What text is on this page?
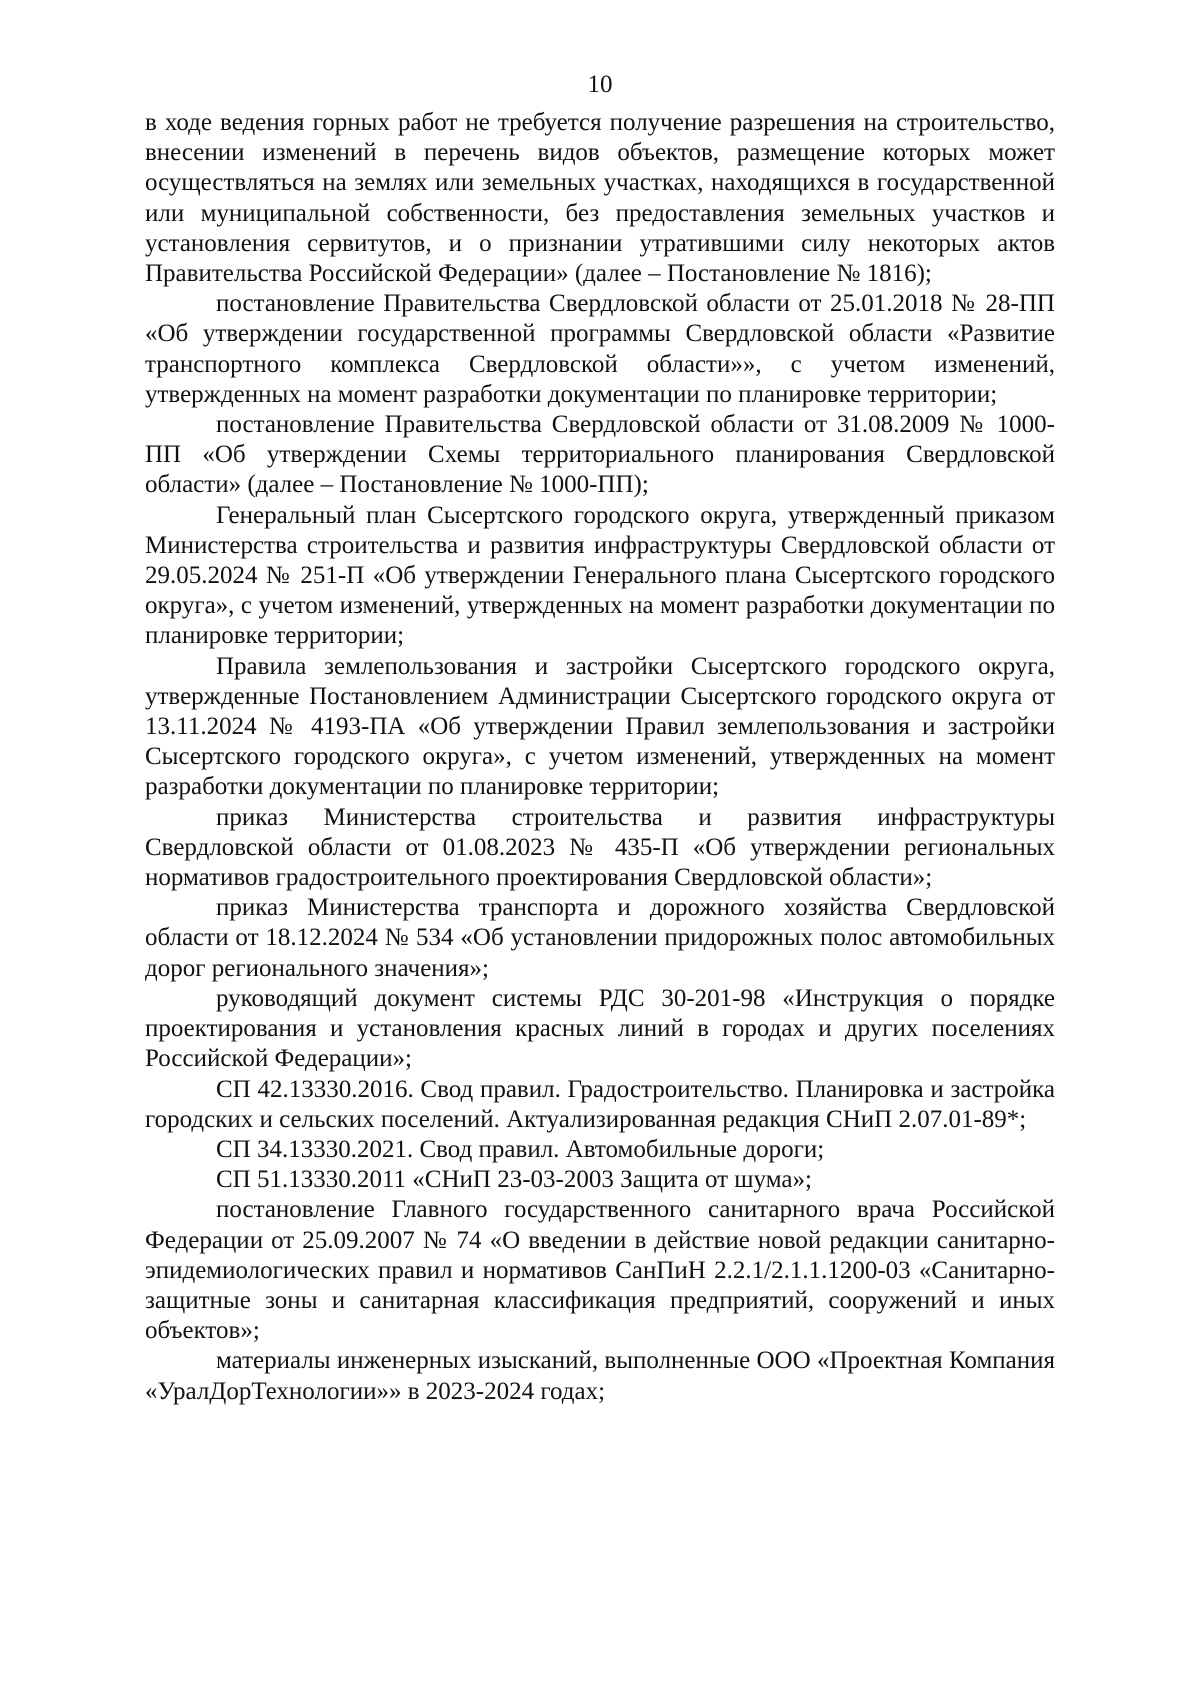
10

в ходе ведения горных работ не требуется получение разрешения на строительство, внесении изменений в перечень видов объектов, размещение которых может осуществляться на землях или земельных участках, находящихся в государственной или муниципальной собственности, без предоставления земельных участков и установления сервитутов, и о признании утратившими силу некоторых актов Правительства Российской Федерации» (далее – Постановление № 1816);

постановление Правительства Свердловской области от 25.01.2018 № 28-ПП «Об утверждении государственной программы Свердловской области «Развитие транспортного комплекса Свердловской области»», с учетом изменений, утвержденных на момент разработки документации по планировке территории;

постановление Правительства Свердловской области от 31.08.2009 № 1000-ПП «Об утверждении Схемы территориального планирования Свердловской области» (далее – Постановление № 1000-ПП);

Генеральный план Сысертского городского округа, утвержденный приказом Министерства строительства и развития инфраструктуры Свердловской области от 29.05.2024 № 251-П «Об утверждении Генерального плана Сысертского городского округа», с учетом изменений, утвержденных на момент разработки документации по планировке территории;

Правила землепользования и застройки Сысертского городского округа, утвержденные Постановлением Администрации Сысертского городского округа от 13.11.2024 № 4193-ПА «Об утверждении Правил землепользования и застройки Сысертского городского округа», с учетом изменений, утвержденных на момент разработки документации по планировке территории;

приказ Министерства строительства и развития инфраструктуры Свердловской области от 01.08.2023 № 435-П «Об утверждении региональных нормативов градостроительного проектирования Свердловской области»;

приказ Министерства транспорта и дорожного хозяйства Свердловской области от 18.12.2024 № 534 «Об установлении придорожных полос автомобильных дорог регионального значения»;

руководящий документ системы РДС 30-201-98 «Инструкция о порядке проектирования и установления красных линий в городах и других поселениях Российской Федерации»;

СП 42.13330.2016. Свод правил. Градостроительство. Планировка и застройка городских и сельских поселений. Актуализированная редакция СНиП 2.07.01-89*;

СП 34.13330.2021. Свод правил. Автомобильные дороги;

СП 51.13330.2011 «СНиП 23-03-2003 Защита от шума»;

постановление Главного государственного санитарного врача Российской Федерации от 25.09.2007 № 74 «О введении в действие новой редакции санитарно-эпидемиологических правил и нормативов СанПиН 2.2.1/2.1.1.1200-03 «Санитарно-защитные зоны и санитарная классификация предприятий, сооружений и иных объектов»;

материалы инженерных изысканий, выполненные ООО «Проектная Компания «УралДорТехнологии»» в 2023-2024 годах;
